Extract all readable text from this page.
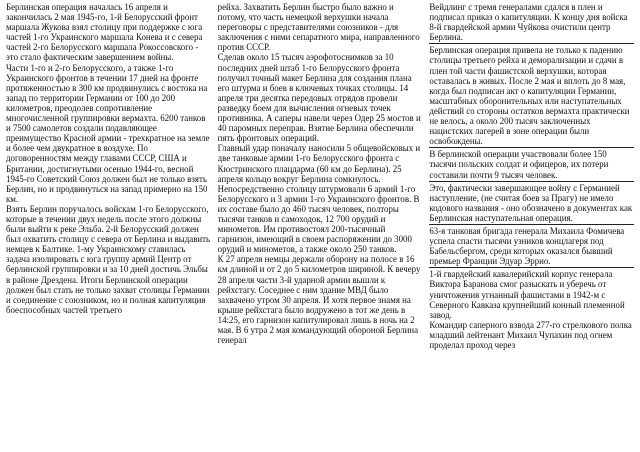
Берлинская операция началась 16 апреля и закончилась 2 мая 1945-го, 1-й Белорусский фронт маршала Жукова взял столицу при поддержке с юга частей 1-го Украинского маршала Конева и с севера частей 2-го Белорусского маршала Рокоссовского - это стало фактическим завершением войны.

Части 1-го и 2-го Белорусского, а также 1-го Украинского фронтов в течении 17 дней на фронте протяженностью в 300 км продвинулись с востока на запад по территории Германии от 100 до 200 километров, преодолев сопротивление многочисленной группировки вермахта. 6200 танков и 7500 самолетов создали подавляющее преимущество Красной армии - трехкратное на земле и более чем двукратное в воздухе. По договоренностям между главами СССР, США и Британии, достигнутыми осенью 1944-го, весной 1945-го Советский Союз должен был не только взять Берлин, но и продвинуться на запад примерно на 150 км.

Взять Берлин поручалось войскам 1-го Белорусского, которые в течении двух недель после этого должны были выйти к реке Эльба. 2-й Белорусский должен был охватить столицу с севера от Берлина и выдавить немцев к Балтике. 1-му Украинскому ставилась задача изолировать с юга группу армий Центр от берлинской группировки и за 10 дней достичь Эльбы в районе Дрездена. Итоги Берлинской операции должен был стать не только захват столицы Германии и соединение с союзником, но и полная капитуляция боеспособных частей третьего

рейха. Захватить Берлин быстро было важно и потому, что часть немецкой верхушки начала переговоры с представителями союзников - для заключения с ними сепаратного мира, направленного против СССР.

Сделав около 15 тысяч аэрофотоснимков за 10 последних дней штаб 1-го Белорусского фронта получил точный макет Берлина для создания плана его штурма и боев в ключевых точках столицы. 14 апреля три десятка передовых отрядов провели разведку боем для вычисления огневых точек противника. А саперы навели через Одер 25 мостов и 40 паромных переправ. Взятие Берлина обеспечили пять фронтовых операций.

Главный удар поначалу наносили 5 общевойсковых и две танковые армии 1-го Белорусского фронта с Кюстринского плацдарма (60 км до Берлина). 25 апреля кольцо вокруг Берлина сомкнулось. Непосредственно столицу штурмовали 6 армий 1-го Белорусского и 3 армии 1-го Украинского фронтов. В их составе было до 460 тысяч человек, полторы тысячи танков и самоходок, 12 700 орудий и минометов. Им противостоял 200-тысячный гарнизон, имеющий в своем распоряжении до 3000 орудий и минометов, а также около 250 танков.

К 27 апреля немцы держали оборону на полосе в 16 км длиной и от 2 до 5 километров шириной. К вечеру 28 апреля части 3-й ударной армии вышли к рейхстагу. Соседнее с ним здание МВД было захвачено утром 30 апреля. И хотя первое знамя на крыше рейхстага было водружено в тот же день в 14:25, его гарнизон капитулировал лишь в ночь на 2 мая. В 6 утра 2 мая командующий обороной Берлина генерал

Вейдлинг с тремя генералами сдался в плен и подписал приказ о капитуляции. К концу дня войска 8-й гвардейской армии Чуйкова очистили центр Берлина.

Берлинская операция привела не только к падению столицы третьего рейха и деморализации и сдачи в плен той части фашистской верхушки, которая оставалась в живых. После 2 мая и вплоть до 8 мая, когда был подписан акт о капитуляции Германии, масштабных оборонительных или наступательных действий со стороны остатков вермахта практически не велось, а около 200 тысяч заключенных нацистских лагерей в зоне операции были освобождены.

В берлинской операции участвовали более 150 тысячи польских солдат и офицеров, их потери составили почти 9 тысяч человек.

Это, фактически завершающее войну с Германией наступление, (не считая боев за Прагу) не имело кодового названия - оно обозначено в документах как Берлинская наступательная операция.

63-я танковая бригада генерала Михаила Фомичева успела спасти тысячи узников концлагеря под Бабельсбергом, среди которых оказался бывший премьер Франции Эдуар Эррио.

1-й гвардейский кавалерийский корпус генерала Виктора Баранова смог разыскать и уберечь от уничтожения угнанный фашистами в 1942-м с Северного Кавказа крупнейший конный племенной завод.

Командир саперного взвода 277-го стрелкового полка младший лейтенант Михаил Чупахин под огнем проделал проход через
